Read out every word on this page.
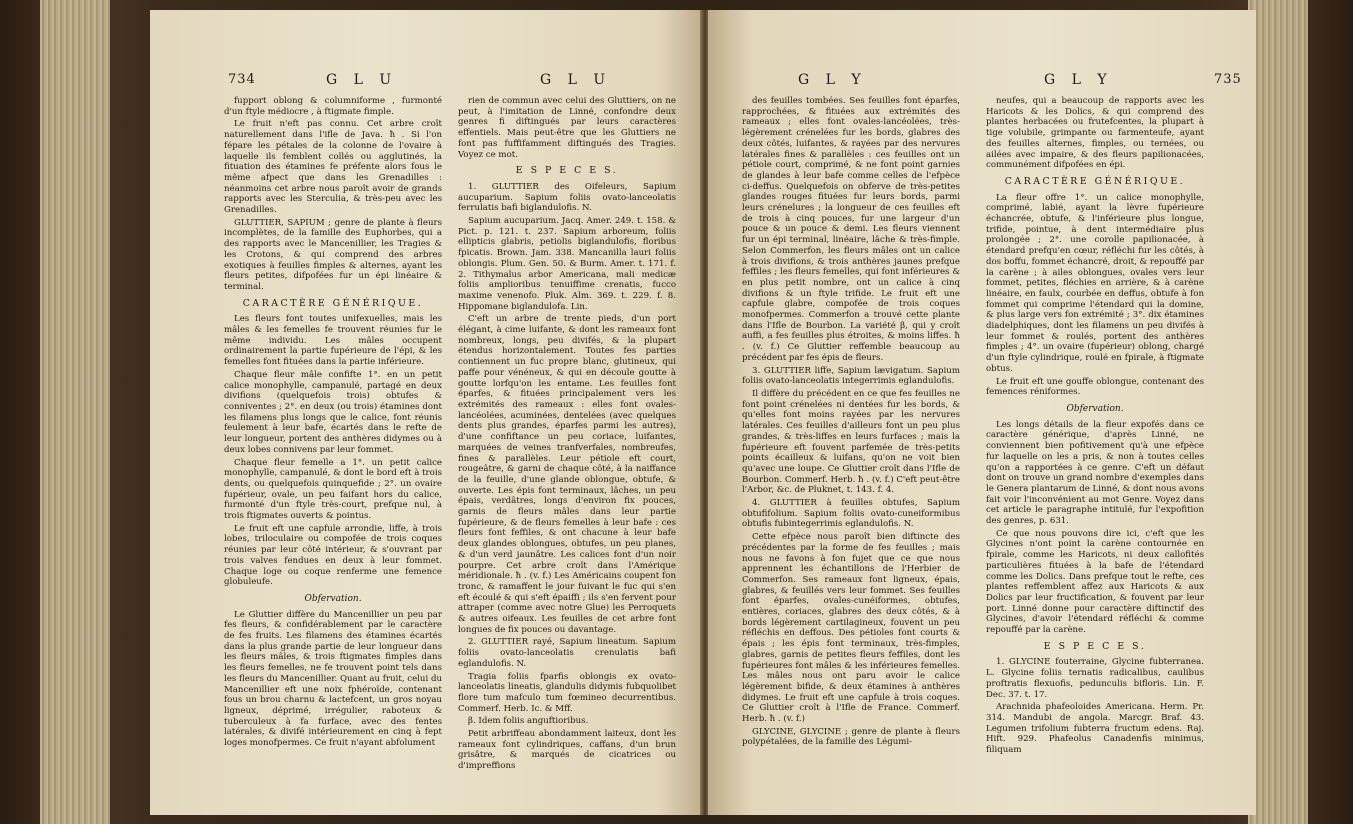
734	G L U	G L U

fupport oblong & columniforme , furmonté d'un ftyle médiocre , à ftigmate fimple.

Le fruit n'eft pas connu. Cet arbre croît naturellement dans l'ifle de Java. ħ . Si l'on fépare les pétales de la colonne de l'ovaire à laquelle ils femblent collés ou agglutinés, la fituation des étamines fe préfente alors fous le même afpect que dans les Grenadilles : néanmoins cet arbre nous paroît avoir de grands rapports avec les Sterculia, & très-peu avec les Grenadilles.

GLUTTIER, SAPIUM ; genre de plante à fleurs incomplètes, de la famille des Euphorbes, qui a des rapports avec le Mancenillier, les Tragies & les Crotons, & qui comprend des arbres exotiques à feuilles fimples & alternes, ayant les fleurs petites, difpofées fur un épi linéaire & terminal.

CARACTÈRE GÉNÉRIQUE.

Les fleurs font toutes unifexuelles, mais les mâles & les femelles fe trouvent réunies fur le même individu. Les mâles occupent ordinairement la partie fupérieure de l'épi, & les femelles font fituées dans la partie inférieure.

Chaque fleur mâle confifte 1°. en un petit calice monophylle, campanulé, partagé en deux divifions (quelquefois trois) obtufes & conniventes ; 2°. en deux (ou trois) étamines dont les filamens plus longs que le calice, font réunis feulement à leur bafe, écartés dans le refte de leur longueur, portent des anthères didymes ou à deux lobes connivens par leur fommet.

Chaque fleur femelle a 1°. un petit calice monophylle, campanulé, & dont le bord eft à trois dents, ou quelquefois quinquefide ; 2°. un ovaire fupérieur, ovale, un peu faifant hors du calice, furmonté d'un ftyle très-court, prefque nul, à trois ftigmates ouverts & pointus.

Le fruit eft une capfule arrondie, liffe, à trois lobes, triloculaire ou compofée de trois coques réunies par leur côté intérieur, & s'ouvrant par trois valves fendues en deux à leur fommet. Chaque loge ou coque renferme une femence globuleufe.

Obfervation.

Le Gluttier diffère du Mancenillier un peu par fes fleurs, & confidérablement par le caractère de fes fruits. Les filamens des étamines écartés dans la plus grande partie de leur longueur dans les fleurs mâles, & trois ftigmates fimples dans les fleurs femelles, ne fe trouvent point tels dans les fleurs du Mancenillier. Quant au fruit, celui du Mancenillier eft une noix fphéroïde, contenant fous un brou charnu & lactefcent, un gros noyau ligneux, déprimé, irrégulier, raboteux & tuberculeux à fa furface, avec des fentes latérales, & divifé intérieurement en cinq à fept loges monofpermes. Ce fruit n'ayant abfolument

rien de commun avec celui des Gluttiers, on ne peut, à l'imitation de Linné, confondre deux genres fi diftingués par leurs caractères effentiels. Mais peut-être que les Gluttiers ne font pas fuffifamment diftingués des Tragies. Voyez ce mot.

E S P E C E S.

1. GLUTTIER des Oifeleurs, Sapium aucuparium. Sapium foliis ovato-lanceolatis ferrulatis bafi biglandulofis. N.

Sapium aucuparium. Jacq. Amer. 249. t. 158. & Pict. p. 121. t. 237. Sapium arboreum, foliis ellipticis glabris, petiolis biglandulofis, floribus fpicatis. Brown. Jam. 338. Mancanilla lauri foliis oblongis. Plum. Gen. 50. & Burm. Amer. t. 171. f. 2. Tithymalus arbor Americana, mali medicæ foliis amplioribus tenuiffime crenatis, fucco maxime venenofo. Pluk. Alm. 369. t. 229. f. 8. Hippomane biglandulofa. Lin.

C'eft un arbre de trente pieds, d'un port élégant, à cime luifante, & dont les rameaux font nombreux, longs, peu divifés, & la plupart étendus horizontalement. Toutes fes parties contiennent un fuc propre blanc, glutineux, qui paffe pour vénéneux, & qui en découle goutte à goutte lorfqu'on les entame. Les feuilles font éparfes, & fituées principalement vers les extrémités des rameaux : elles font ovales-lancéolées, acuminées, dentelées (avec quelques dents plus grandes, éparfes parmi les autres), d'une confiftance un peu coriace, luifantes, marquées de veines tranfverfales, nombreufes, fines & parallèles. Leur pétiole eft court, rougeâtre, & garni de chaque côté, à la naiffance de la feuille, d'une glande oblongue, obtufe, & ouverte. Les épis font terminaux, lâches, un peu épais, verdâtres, longs d'environ fix pouces, garnis de fleurs mâles dans leur partie fupérieure, & de fleurs femelles à leur bafe : ces fleurs font feffiles, & ont chacune à leur bafe deux glandes oblongues, obtufes, un peu planes, & d'un verd jaunâtre. Les calices font d'un noir pourpre. Cet arbre croît dans l'Amérique méridionale. ħ . (v. f.) Les Américains coupent fon tronc, & ramaffent le jour fuivant le fuc qui s'en eft écoulé & qui s'eft épaiffi ; ils s'en fervent pour attraper (comme avec notre Glue) les Perroquets & autres oifeaux. Les feuilles de cet arbre font longues de fix pouces ou davantage.

2. GLUTTIER rayé, Sapium lineatum. Sapium foliis ovato-lanceolatis crenulatis bafi eglandulofis. N.

Tragia foliis fparfis oblongis ex ovato-lanceolatis lineatis, glandulis didymis fubquolibet flore tum mafculo tum fœmineo decurrentibus. Commerf. Herb. Ic. & Mff.

β. Idem foliis anguftioribus.

Petit arbriffeau abondamment laiteux, dont les rameaux font cylindriques, caffans, d'un brun grisâtre, & marqués de cicatrices ou d'impreffions

G L Y	G L Y	735

des feuilles tombées. Ses feuilles font éparfes, rapprochées, & fituées aux extrémités des rameaux ; elles font ovales-lancéolées, très-légèrement crénelées fur les bords, glabres des deux côtés, luifantes, & rayées par des nervures latérales fines & parallèles : ces feuilles ont un pétiole court, comprimé, & ne font point garnies de glandes à leur bafe comme celles de l'efpèce ci-deffus. Quelquefois on obferve de très-petites glandes rouges fituées fur leurs bords, parmi leurs crénelures ; la longueur de ces feuilles eft de trois à cinq pouces, fur une largeur d'un pouce & un pouce & demi. Les fleurs viennent fur un épi terminal, linéaire, lâche & très-fimple. Selon Commerfon, les fleurs mâles ont un calice à trois divifions, & trois anthères jaunes prefque feffiles ; les fleurs femelles, qui font inférieures & en plus petit nombre, ont un calice à cinq divifions & un ftyle trifide. Le fruit eft une capfule glabre, compofée de trois coques monofpermes. Commerfon a trouvé cette plante dans l'Ifle de Bourbon. La variété β, qui y croît auffi, a fes feuilles plus étroites, & moins liffes. ħ . (v. f.) Ce Gluttier reffemble beaucoup au précédent par fes épis de fleurs.

3. GLUTTIER liffe, Sapium lævigatum. Sapium foliis ovato-lanceolatis integerrimis eglandulofis.

Il diffère du précédent en ce que fes feuilles ne font point crénelées ni dentées fur les bords, & qu'elles font moins rayées par les nervures latérales. Ces feuilles d'ailleurs font un peu plus grandes, & très-liffes en leurs furfaces ; mais la fupérieure eft fouvent parfemée de très-petits points écailleux & luifans, qu'on ne voit bien qu'avec une loupe. Ce Gluttier croît dans l'Ifle de Bourbon. Commerf. Herb. ħ . (v. f.) C'eft peut-être l'Arbor, &c. de Pluknet, t. 143. f. 4.

4. GLUTTIER à feuilles obtufes, Sapium obtufifolium. Sapium foliis ovato-cuneiformibus obtufis fubintegerrimis eglandulofis. N.

Cette efpèce nous paroît bien diftincte des précédentes par la forme de fes feuilles ; mais nous ne favons à fon fujet que ce que nous apprennent les échantillons de l'Herbier de Commerfon. Ses rameaux font ligneux, épais, glabres, & feuillés vers leur fommet. Ses feuilles font éparfes, ovales-cunéiformes, obtufes, entières, coriaces, glabres des deux côtés, & à bords légèrement cartilagineux, fouvent un peu réfléchis en deffous. Des pétioles font courts & épais ; les épis font terminaux, très-fimples, glabres, garnis de petites fleurs feffiles, dont les fupérieures font mâles & les inférieures femelles. Les mâles nous ont paru avoir le calice légèrement bifide, & deux étamines à anthères didymes. Le fruit eft une capfule à trois coques. Ce Gluttier croît à l'Ifle de France. Commerf. Herb. ħ . (v. f.)

GLYCINE, GLYCINE ; genre de plante à fleurs polypétalées, de la famille des Légumi-

neufes, qui a beaucoup de rapports avec les Haricots & les Dolics, & qui comprend des plantes herbacées ou frutefcentes, la plupart à tige volubile, grimpante ou farmenteufe, ayant des feuilles alternes, fimples, ou ternées, ou ailées avec impaire, & des fleurs papilionacées, communément difpofées en épi.

CARACTÈRE GÉNÉRIQUE.

La fleur offre 1°. un calice monophylle, comprimé, labié, ayant la lèvre fupérieure échancrée, obtufe, & l'inférieure plus longue, trifide, pointue, à dent intermédiaire plus prolongée ; 2°. une corolle papilionacée, à étendard prefqu'en cœur, réfléchi fur les côtés, à dos boffu, fommet échancré, droit, & repouffé par la carène ; à ailes oblongues, ovales vers leur fommet, petites, fléchies en arrière, & à carène linéaire, en faulx, courbée en deffus, obtufe à fon fommet qui comprime l'étendard qui la domine, & plus large vers fon extrémité ; 3°. dix étamines diadelphiques, dont les filamens un peu divifés à leur fommet & roulés, portent des anthères fimples ; 4°. un ovaire (fupérieur) oblong, chargé d'un ftyle cylindrique, roulé en fpirale, à ftigmate obtus.

Le fruit eft une gouffe oblongue, contenant des femences réniformes.

Obfervation.

Les longs détails de la fleur expofés dans ce caractère générique, d'après Linné, ne conviennent bien pofitivement qu'à une efpèce fur laquelle on les a pris, & non à toutes celles qu'on a rapportées à ce genre. C'eft un défaut dont on trouve un grand nombre d'exemples dans le Genera plantarum de Linné, & dont nous avons fait voir l'inconvénient au mot Genre. Voyez dans cet article le paragraphe intitulé, fur l'expofition des genres, p. 631.

Ce que nous pouvons dire ici, c'eft que les Glycines n'ont point la carène contournée en fpirale, comme les Haricots, ni deux callofités particulières fituées à la bafe de l'étendard comme les Dolics. Dans prefque tout le refte, ces plantes reffemblent affez aux Haricots & aux Dolics par leur fructification, & fouvent par leur port. Linné donne pour caractère diftinctif des Glycines, d'avoir l'étendard réfléchi & comme repouffé par la carène.

E S P E C E S.

1. GLYCINE fouterraine, Glycine fubterranea. L. Glycine foliis ternatis radicalibus, caulibus proftratis flexuofis, pedunculis bifloris. Lin. F. Dec. 37. t. 17.

Arachnida phafeoloides Americana. Herm. Pr. 314. Mandubi de angola. Marcgr. Braf. 43. Legumen trifolium fubterra fructum edens. Raj. Hift. 929. Phafeolus Canadenfis minimus, filiquam
